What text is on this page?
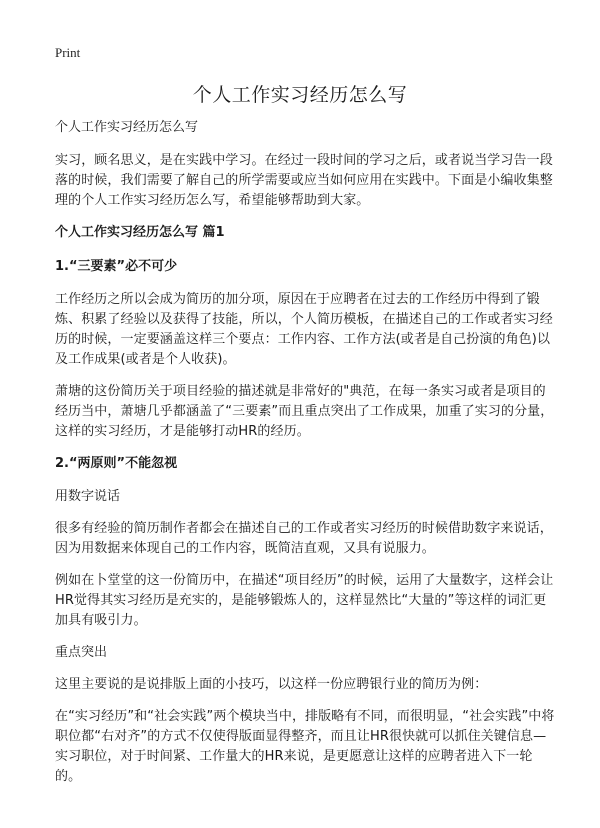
Print
个人工作实习经历怎么写
个人工作实习经历怎么写

实习，顾名思义，是在实践中学习。在经过一段时间的学习之后，或者说当学习告一段落的时候，我们需要了解自己的所学需要或应当如何应用在实践中。下面是小编收集整理的个人工作实习经历怎么写，希望能够帮助到大家。

个人工作实习经历怎么写 篇1
1.“三要素”必不可少

工作经历之所以会成为简历的加分项，原因在于应聘者在过去的工作经历中得到了锻炼、积累了经验以及获得了技能，所以，个人简历模板，在描述自己的工作或者实习经历的时候，一定要涵盖这样三个要点：工作内容、工作方法(或者是自己扮演的角色)以及工作成果(或者是个人收获)。

萧塘的这份简历关于项目经验的描述就是非常好的"典范，在每一条实习或者是项目的经历当中，萧塘几乎都涵盖了“三要素”而且重点突出了工作成果，加重了实习的分量，这样的实习经历，才是能够打动HR的经历。

2.“两原则”不能忽视
用数字说话

很多有经验的简历制作者都会在描述自己的工作或者实习经历的时候借助数字来说话，因为用数据来体现自己的工作内容，既简洁直观，又具有说服力。

例如在卜堂堂的这一份简历中，在描述“项目经历”的时候，运用了大量数字，这样会让HR觉得其实习经历是充实的，是能够锻炼人的，这样显然比“大量的”等这样的词汇更加具有吸引力。

重点突出

这里主要说的是说排版上面的小技巧，以这样一份应聘银行业的简历为例：

在“实习经历”和“社会实践”两个模块当中，排版略有不同，而很明显，“社会实践”中将职位都“右对齐”的方式不仅使得版面显得整齐，而且让HR很快就可以抓住关键信息—实习职位，对于时间紧、工作量大的HR来说，是更愿意让这样的应聘者进入下一轮的。
